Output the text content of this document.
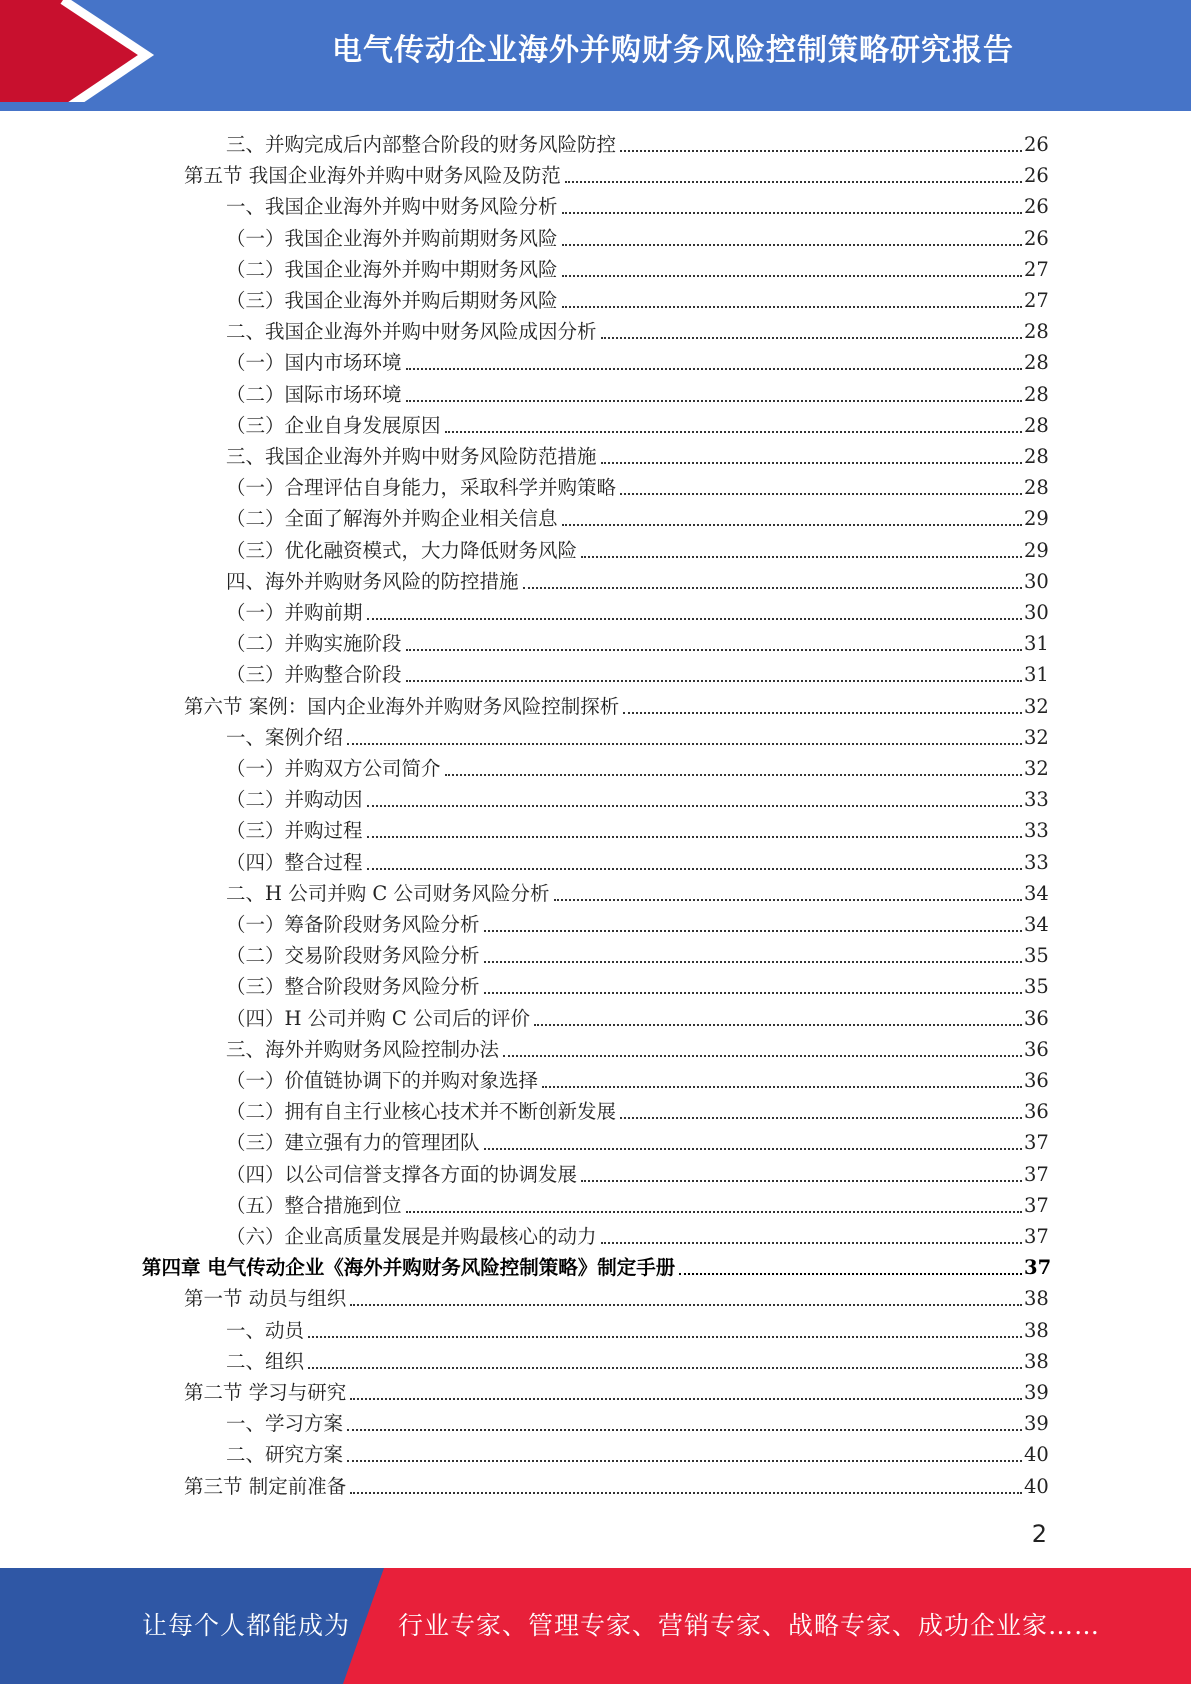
电气传动企业海外并购财务风险控制策略研究报告
三、并购完成后内部整合阶段的财务风险防控	26
第五节 我国企业海外并购中财务风险及防范	26
一、我国企业海外并购中财务风险分析	26
（一）我国企业海外并购前期财务风险	26
（二）我国企业海外并购中期财务风险	27
（三）我国企业海外并购后期财务风险	27
二、我国企业海外并购中财务风险成因分析	28
（一）国内市场环境	28
（二）国际市场环境	28
（三）企业自身发展原因	28
三、我国企业海外并购中财务风险防范措施	28
（一）合理评估自身能力，采取科学并购策略	28
（二）全面了解海外并购企业相关信息	29
（三）优化融资模式，大力降低财务风险	29
四、海外并购财务风险的防控措施	30
（一）并购前期	30
（二）并购实施阶段	31
（三）并购整合阶段	31
第六节 案例：国内企业海外并购财务风险控制探析	32
一、案例介绍	32
（一）并购双方公司简介	32
（二）并购动因	33
（三）并购过程	33
（四）整合过程	33
二、H 公司并购 C 公司财务风险分析	34
（一）筹备阶段财务风险分析	34
（二）交易阶段财务风险分析	35
（三）整合阶段财务风险分析	35
（四）H 公司并购 C 公司后的评价	36
三、海外并购财务风险控制办法	36
（一）价值链协调下的并购对象选择	36
（二）拥有自主行业核心技术并不断创新发展	36
（三）建立强有力的管理团队	37
（四）以公司信誉支撑各方面的协调发展	37
（五）整合措施到位	37
（六）企业高质量发展是并购最核心的动力	37
第四章 电气传动企业《海外并购财务风险控制策略》制定手册	37
第一节 动员与组织	38
一、动员	38
二、组织	38
第二节 学习与研究	39
一、学习方案	39
二、研究方案	40
第三节 制定前准备	40
2
让每个人都能成为 行业专家、管理专家、营销专家、战略专家、成功企业家……
